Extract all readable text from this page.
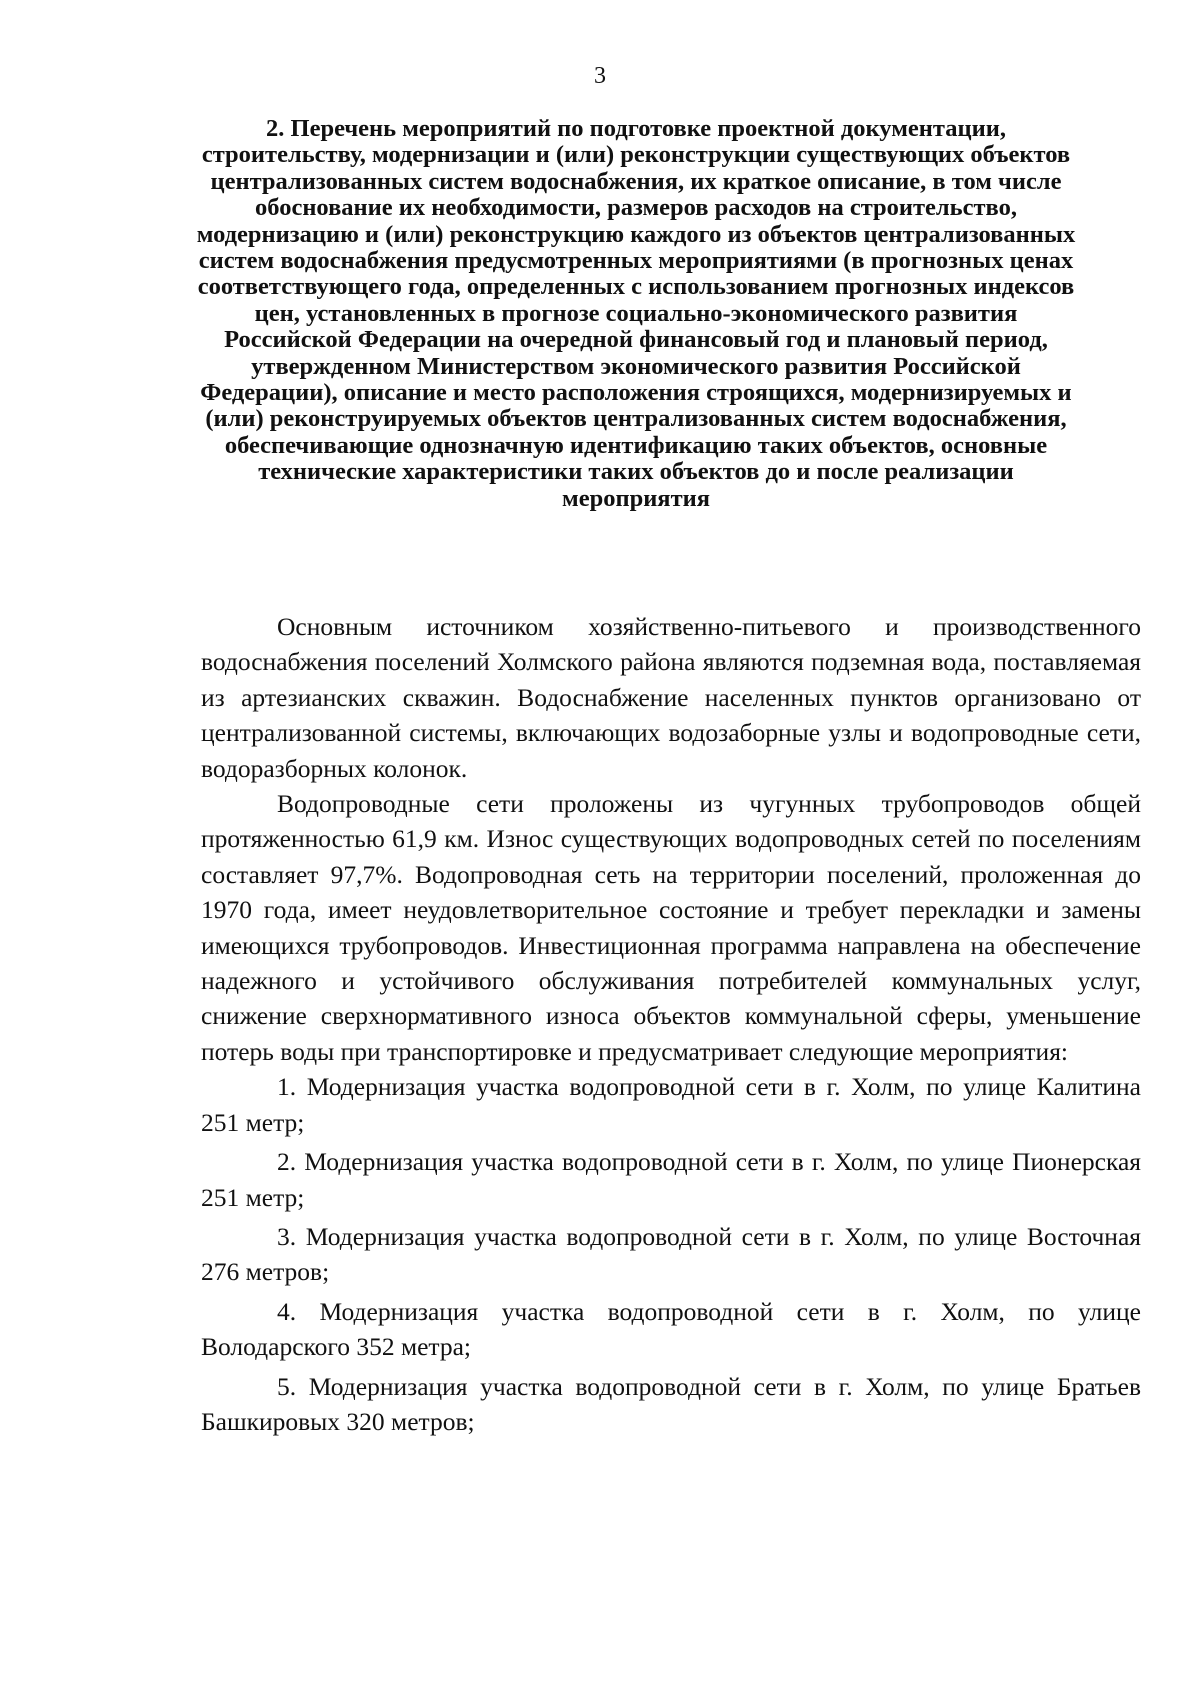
3
2. Перечень мероприятий по подготовке проектной документации, строительству, модернизации и (или) реконструкции существующих объектов централизованных систем водоснабжения, их краткое описание, в том числе обоснование их необходимости, размеров расходов на строительство, модернизацию и (или) реконструкцию каждого из объектов централизованных систем водоснабжения предусмотренных мероприятиями (в прогнозных ценах соответствующего года, определенных с использованием прогнозных индексов цен, установленных в прогнозе социально-экономического развития Российской Федерации на очередной финансовый год и плановый период, утвержденном Министерством экономического развития Российской Федерации), описание и место расположения строящихся, модернизируемых и (или) реконструируемых объектов централизованных систем водоснабжения, обеспечивающие однозначную идентификацию таких объектов, основные технические характеристики таких объектов до и после реализации мероприятия

Основным источником хозяйственно-питьевого и производственного водоснабжения поселений Холмского района являются подземная вода, поставляемая из артезианских скважин. Водоснабжение населенных пунктов организовано от централизованной системы, включающих водозаборные узлы и водопроводные сети, водоразборных колонок.

Водопроводные сети проложены из чугунных трубопроводов общей протяженностью 61,9 км. Износ существующих водопроводных сетей по поселениям составляет 97,7%. Водопроводная сеть на территории поселений, проложенная до 1970 года, имеет неудовлетворительное состояние и требует перекладки и замены имеющихся трубопроводов. Инвестиционная программа направлена на обеспечение надежного и устойчивого обслуживания потребителей коммунальных услуг, снижение сверхнормативного износа объектов коммунальной сферы, уменьшение потерь воды при транспортировке и предусматривает следующие мероприятия:

1 . Модернизация участка водопроводной сети в г. Холм, по улице Калитина 251 метр;
2 . Модернизация участка водопроводной сети в г. Холм, по улице Пионерская 251 метр;
3 . Модернизация участка водопроводной сети в г. Холм, по улице Восточная 276 метров;
4 . Модернизация участка водопроводной сети в г. Холм, по улице Володарского 352 метра;
5 . Модернизация участка водопроводной сети в г. Холм, по улице Братьев Башкировых 320 метров;
